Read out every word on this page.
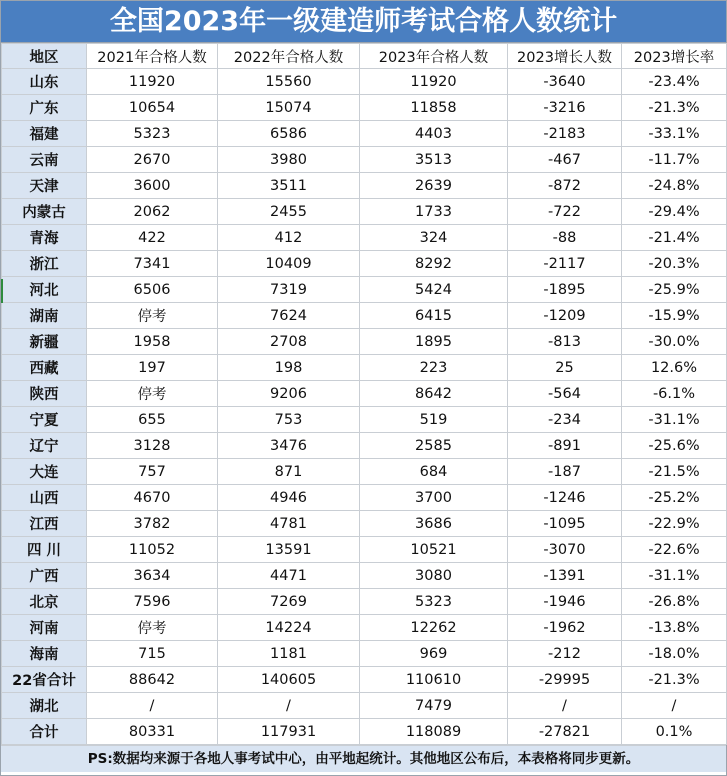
全国2023年一级建造师考试合格人数统计
地区	2021年合格人数	2022年合格人数	2023年合格人数	2023增长人数	2023增长率
山东	11920	15560	11920	-3640	-23.4%
广东	10654	15074	11858	-3216	-21.3%
福建	5323	6586	4403	-2183	-33.1%
云南	2670	3980	3513	-467	-11.7%
天津	3600	3511	2639	-872	-24.8%
内蒙古	2062	2455	1733	-722	-29.4%
青海	422	412	324	-88	-21.4%
浙江	7341	10409	8292	-2117	-20.3%
河北	6506	7319	5424	-1895	-25.9%
湖南	停考	7624	6415	-1209	-15.9%
新疆	1958	2708	1895	-813	-30.0%
西藏	197	198	223	25	12.6%
陕西	停考	9206	8642	-564	-6.1%
宁夏	655	753	519	-234	-31.1%
辽宁	3128	3476	2585	-891	-25.6%
大连	757	871	684	-187	-21.5%
山西	4670	4946	3700	-1246	-25.2%
江西	3782	4781	3686	-1095	-22.9%
四 川	11052	13591	10521	-3070	-22.6%
广西	3634	4471	3080	-1391	-31.1%
北京	7596	7269	5323	-1946	-26.8%
河南	停考	14224	12262	-1962	-13.8%
海南	715	1181	969	-212	-18.0%
22省合计	88642	140605	110610	-29995	-21.3%
湖北	/	/	7479	/	/
合计	80331	117931	118089	-27821	0.1%
PS:数据均来源于各地人事考试中心，由平地起统计。其他地区公布后，本表格将同步更新。
